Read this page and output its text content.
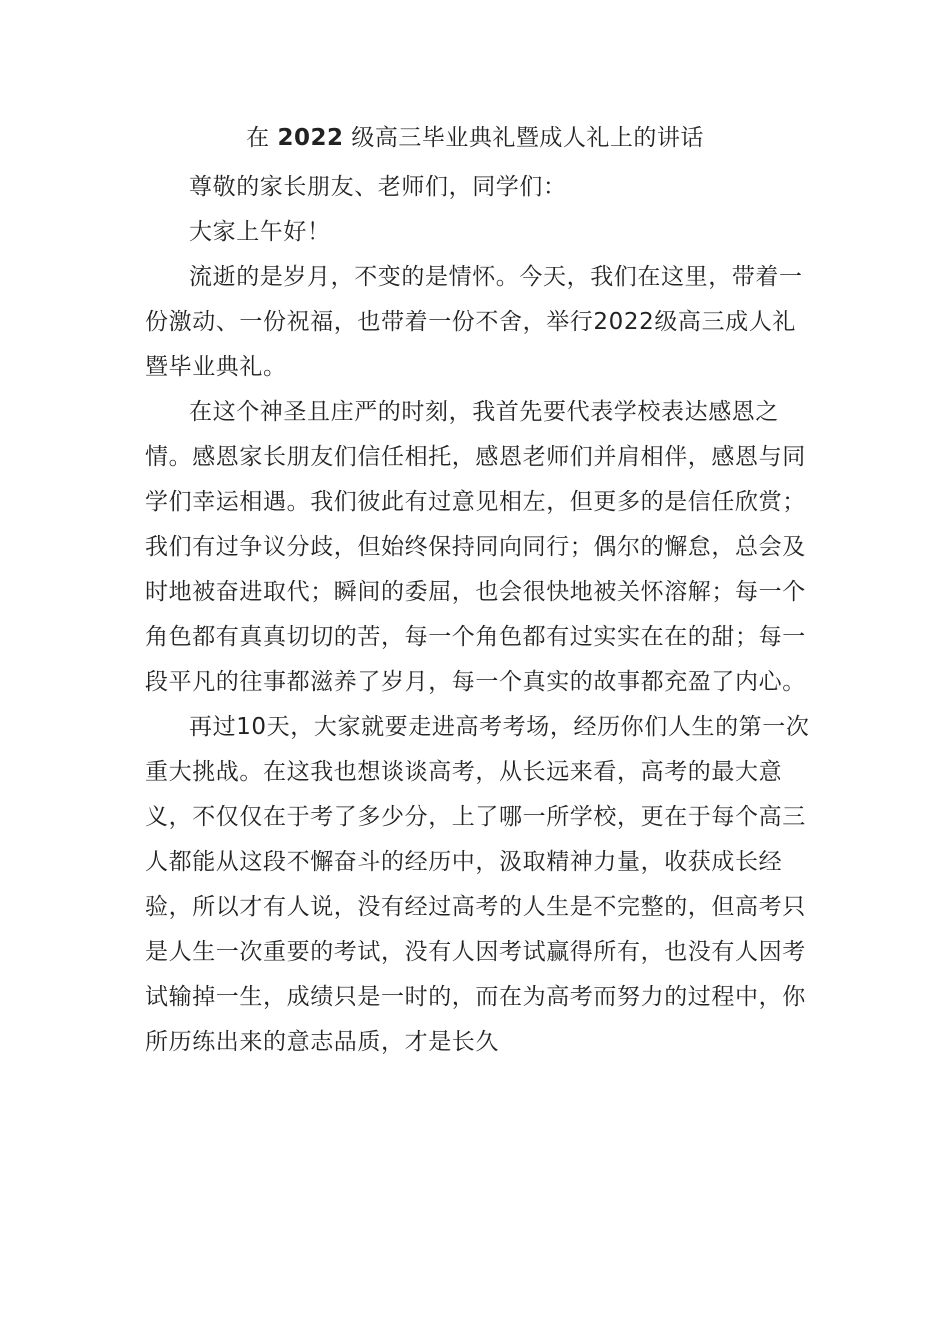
在 2022 级高三毕业典礼暨成人礼上的讲话

尊敬的家长朋友、老师们，同学们：

大家上午好！

流逝的是岁月，不变的是情怀。今天，我们在这里，带着一份激动、一份祝福，也带着一份不舍，举行2022级高三成人礼暨毕业典礼。

在这个神圣且庄严的时刻，我首先要代表学校表达感恩之情。感恩家长朋友们信任相托，感恩老师们并肩相伴，感恩与同学们幸运相遇。我们彼此有过意见相左，但更多的是信任欣赏；我们有过争议分歧，但始终保持同向同行；偶尔的懈怠，总会及时地被奋进取代；瞬间的委屈，也会很快地被关怀溶解；每一个角色都有真真切切的苦，每一个角色都有过实实在在的甜；每一段平凡的往事都滋养了岁月，每一个真实的故事都充盈了内心。

再过10天，大家就要走进高考考场，经历你们人生的第一次重大挑战。在这我也想谈谈高考，从长远来看，高考的最大意义，不仅仅在于考了多少分，上了哪一所学校，更在于每个高三人都能从这段不懈奋斗的经历中，汲取精神力量，收获成长经验，所以才有人说，没有经过高考的人生是不完整的，但高考只是人生一次重要的考试，没有人因考试赢得所有，也没有人因考试输掉一生，成绩只是一时的，而在为高考而努力的过程中，你所历练出来的意志品质，才是长久
